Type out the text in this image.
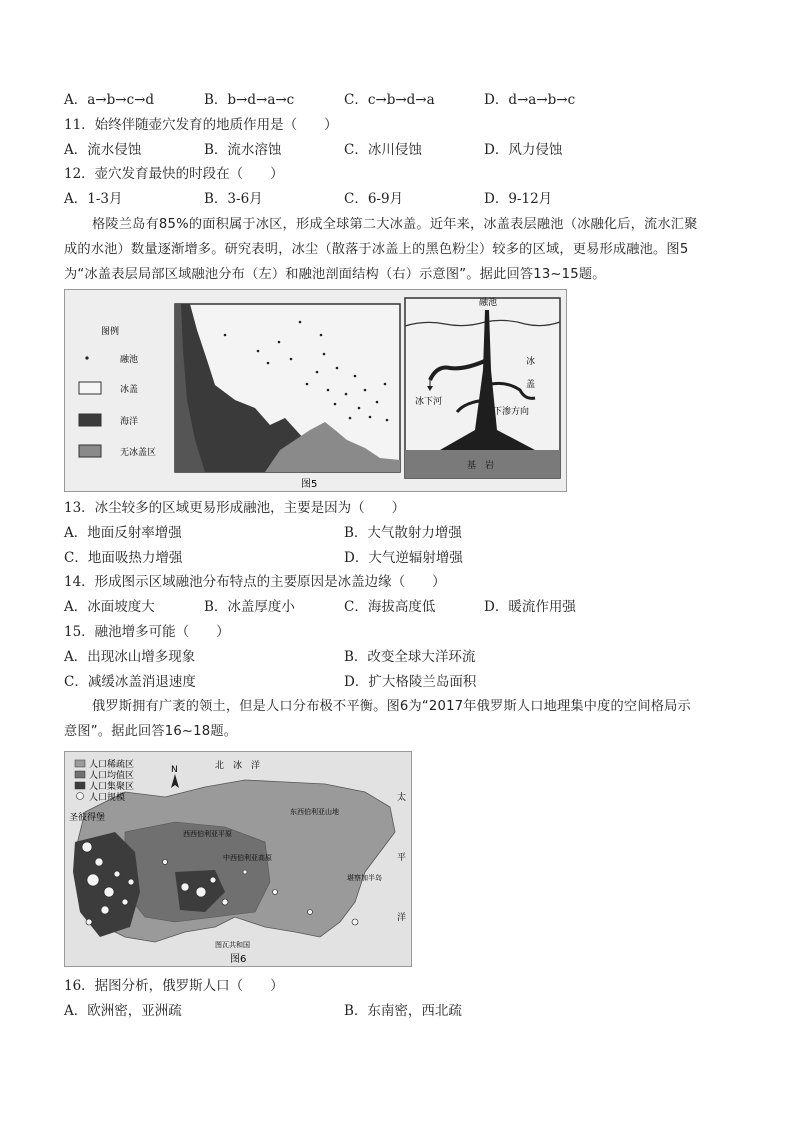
A．a→b→c→d	B．b→d→a→c	C．c→b→d→a	D．d→a→b→c
11．始终伴随壶穴发育的地质作用是（　　）
A．流水侵蚀	B．流水溶蚀	C．冰川侵蚀	D．风力侵蚀
12．壶穴发育最快的时段在（　　）
A．1-3月	B．3-6月	C．6-9月	D．9-12月
格陵兰岛有85%的面积属于冰区，形成全球第二大冰盖。近年来，冰盖表层融池（冰融化后，流水汇聚
成的水池）数量逐渐增多。研究表明，冰尘（散落于冰盖上的黑色粉尘）较多的区域，更易形成融池。图5
为“冰盖表层局部区域融池分布（左）和融池剖面结构（右）示意图”。据此回答13~15题。
图例
融池
冰盖
海洋
无冰盖区
融池
冰
盖
冰下河
下渗方向
基　岩
图5
13．冰尘较多的区域更易形成融池，主要是因为（　　）
A．地面反射率增强	B．大气散射力增强
C．地面吸热力增强	D．大气逆辐射增强
14．形成图示区域融池分布特点的主要原因是冰盖边缘（　　）
A．冰面坡度大	B．冰盖厚度小	C．海拔高度低	D．暖流作用强
15．融池增多可能（　　）
A．出现冰山增多现象	B．改变全球大洋环流
C．减缓冰盖消退速度	D．扩大格陵兰岛面积
俄罗斯拥有广袤的领土，但是人口分布极不平衡。图6为“2017年俄罗斯人口地理集中度的空间格局示
意图”。据此回答16~18题。
人口稀疏区
人口均值区
人口集聚区
人口规模
N	北　冰　洋
圣彼得堡
西西伯利亚平原
东西伯利亚山地
中西伯利亚高原
图瓦共和国
堪察加半岛
太
平
洋
图6
16．据图分析，俄罗斯人口（　　）
A．欧洲密，亚洲疏	B．东南密，西北疏
